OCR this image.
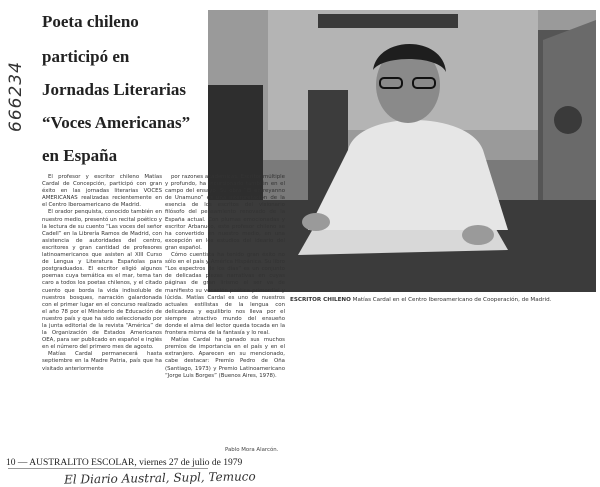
666234
Poeta chileno
participó en
Jornadas Literarias
“Voces Americanas”
en España

El profesor y escritor chileno Matías Cardal de Concepción, participó con gran éxito en las jornadas literarias VOCES AMERICANAS realizadas recientemente en el Centro Iberoamericano de Madrid.

El orador penquista, conocido también en nuestro medio, presentó un recital poético y la lectura de su cuento “Las voces del señor Cadell” en la Librería Ramos de Madrid, con asistencia de autoridades del centro, escritores y gran cantidad de profesores latinoamericanos que asisten al XIII Curso de Lengua y Literatura Españolas para postgraduados. El escritor eligió algunos poemas cuya temática es el mar, tema tan caro a todos los poetas chilenos, y el citado cuento que borda la vida indisoluble de nuestros bosques, narración galardonada con el primer lugar en el concurso realizado el año 78 por el Ministerio de Educación de nuestro país y que ha sido seleccionado por la junta editorial de la revista “América” de la Organización de Estados Americanos OEA, para ser publicado en español e inglés en el número del primero mes de agosto.

Matías Cardal permanecerá hasta septiembre en la Madre Patria, país que ha visitado anteriormente

ESCRITOR CHILENO Matías Cardal en el Centro Iberoamericano de Cooperación, de Madrid.

por razones académicas. Escritor múltiple y profundo, ha incursionado también en el campo del ensayo. Su obra “El entreyanno de Unamuno” es una interpretación de la esencia de los escritos del visionario filósofo del pensamiento renovado de la España actual. Con plumas emocionadas y escritor Arbanuco, este profesor chileno se ha convertido en nuestro medio, en una excepción en los estudios del ideario del gran español.

Cómo cuentista ha tenido gran éxito no sólo en el país y América Hispánica. Su libro “Los espectros de los días” es un conjunto de delicadas piezas narrativas en cuyas páginas de gran lirismo el ser va de manifiesto su vocación poética primordial y lúcida. Matías Cardal es uno de nuestros actuales estilistas de la lengua con delicadeza y equilibrio nos lleva por el siempre atractivo mundo del ensueño donde el alma del lector queda tocada en la frontera misma de la fantasía y lo real.

Matías Cardal ha ganado sus muchos premios de importancia en el país y en el extranjero. Aparecen en su mencionado, cabe destacar: Premio Pedro de Oña (Santiago, 1973) y Premio Latinoamericano “Jorge Luis Borges” (Buenos Aires, 1978).

Pablo Mora Alarcón.
10 — AUSTRALITO ESCOLAR, viernes 27 de julio de 1979
El Diario Austral, Supl, Temuco
